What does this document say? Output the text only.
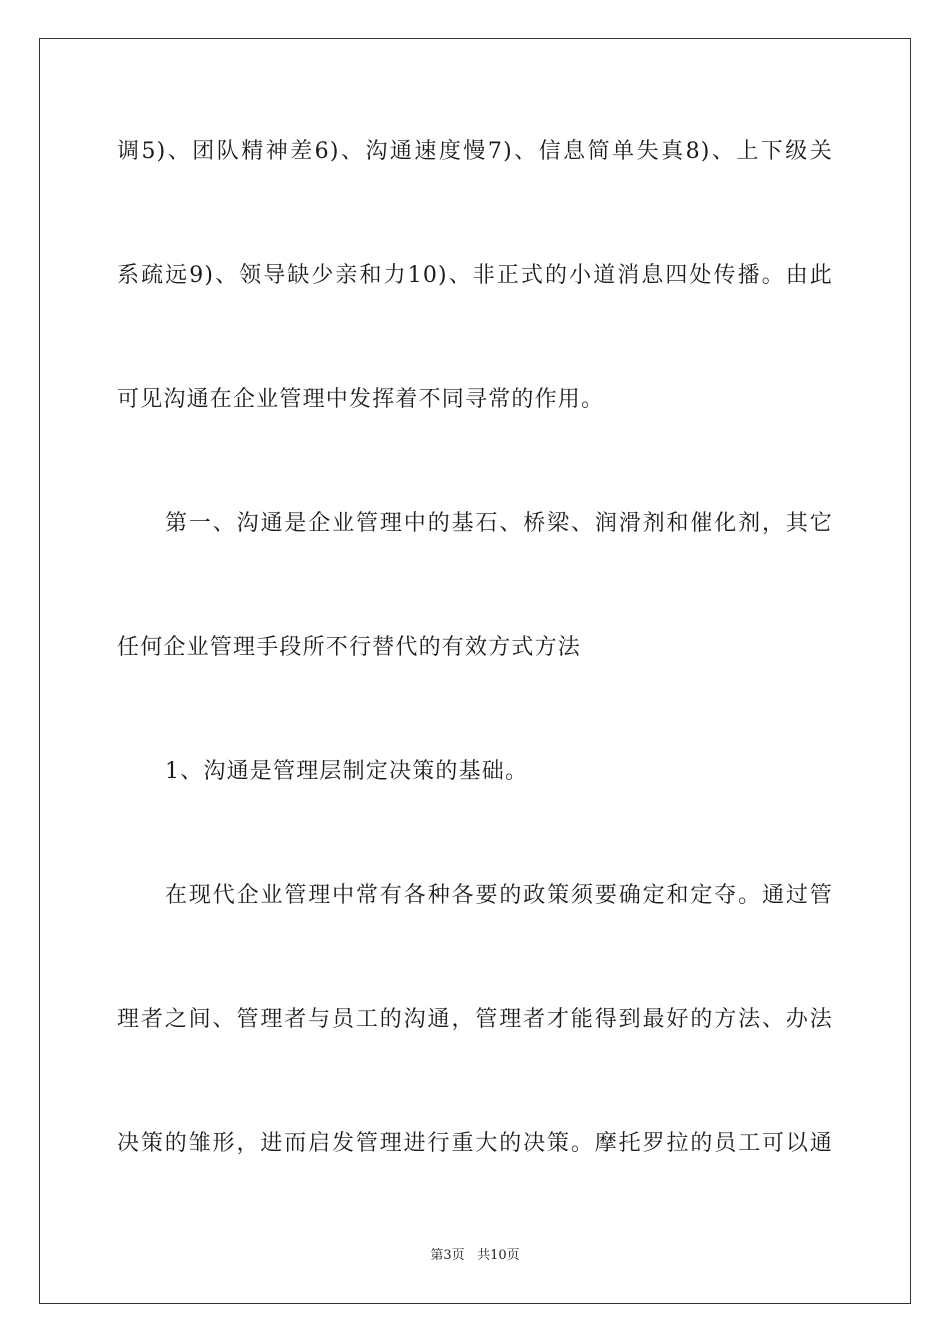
调5)、团队精神差6)、沟通速度慢7)、信息简单失真8)、上下级关

系疏远9)、领导缺少亲和力10)、非正式的小道消息四处传播。由此

可见沟通在企业管理中发挥着不同寻常的作用。

第一、沟通是企业管理中的基石、桥梁、润滑剂和催化剂，其它

任何企业管理手段所不行替代的有效方式方法

1、沟通是管理层制定决策的基础。

在现代企业管理中常有各种各要的政策须要确定和定夺。通过管

理者之间、管理者与员工的沟通，管理者才能得到最好的方法、办法

决策的雏形，进而启发管理进行重大的决策。摩托罗拉的员工可以通

第3页 共10页
